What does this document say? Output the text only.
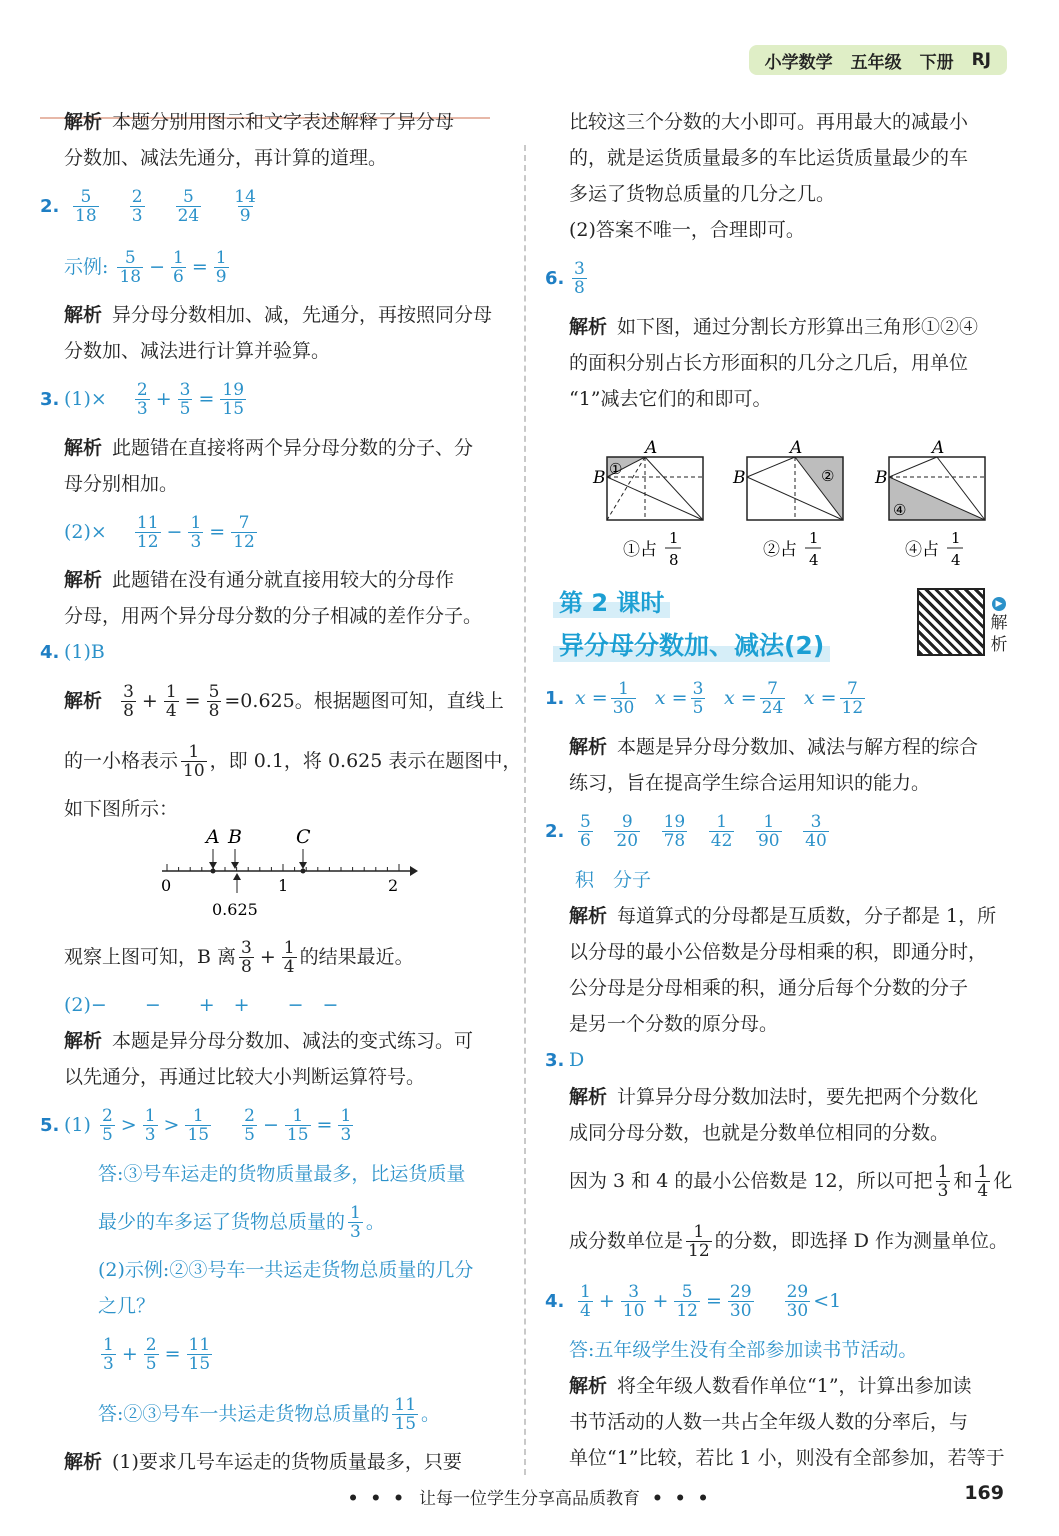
小学数学 五年级 下册 RJ
解析 本题分别用图示和文字表述解释了异分母
分数加、减法先通分，再计算的道理。
2. $\frac{5}{18}$
  $\frac{2}{3}$
  $\frac{5}{24}$
  $\frac{14}{9}$
示例: $\frac{5}{18} - \frac{1}{6} = \frac{1}{9}$
解析 异分母分数相加、减，先通分，再按照同分母
分数加、减法进行计算并验算。
3. (1)×  $\frac{2}{3} + \frac{3}{5} = \frac{19}{15}$
解析 此题错在直接将两个异分母分数的分子、分
母分别相加。
(2)×  $\frac{11}{12} - \frac{1}{3} = \frac{7}{12}$
解析 此题错在没有通分就直接用较大的分母作
分母，用两个异分母分数的分子相减的差作分子。
4. (1)B
解析 $\frac{3}{8} + \frac{1}{4} = \frac{5}{8} =0.625$。根据题图可知，直线上
的一小格表示 $\frac{1}{10}$ ，即 0.1，将 0.625 表示在题图中，
如下图所示：
A B	C
0	1	2
0.625
观察上图可知，B 离 $\frac{3}{8} + \frac{1}{4}$ 的结果最近。
(2)−　　−　　+　+　　−　−
解析 本题是异分母分数加、减法的变式练习。可
以先通分，再通过比较大小判断运算符号。
5. $(1) \frac{2}{5} > \frac{1}{3} > \frac{1}{15}$
  $\frac{2}{5} - \frac{1}{15} = \frac{1}{3}$
答:③号车运走的货物质量最多，比运货质量
最少的车多运了货物总质量的 $\frac{1}{3}$ 。
(2)示例:②③号车一共运走货物总质量的几分
之几？
$\frac{1}{3} + \frac{2}{5} = \frac{11}{15}$
答:②③号车一共运走货物总质量的 $\frac{11}{15}$ 。
解析 (1)要求几号车运走的货物质量最多，只要
比较这三个分数的大小即可。再用最大的减最小
的，就是运货质量最多的车比运货质量最少的车
多运了货物总质量的几分之几。
(2)答案不唯一，合理即可。
6. $\frac{3}{8}$
解析 如下图，通过分割长方形算出三角形①②④
的面积分别占长方形面积的几分之几后，用单位
“1”减去它们的和即可。
A
B ①
①占
1
8
A
B	②
②占
1
4
A
B
④
④占
1
4
第 2 课时
异分母分数加、减法(2)
▶
解析
1. $x = \frac{1}{30}$
  $x = \frac{3}{5}$
  $x = \frac{7}{24}$
  $x = \frac{7}{12}$
解析 本题是异分母分数加、减法与解方程的综合
练习，旨在提高学生综合运用知识的能力。
2. $\frac{5}{6}$
  $\frac{9}{20}$
  $\frac{19}{78}$
  $\frac{1}{42}$
  $\frac{1}{90}$
  $\frac{3}{40}$
积　分子
解析 每道算式的分母都是互质数，分子都是 1，所
以分母的最小公倍数是分母相乘的积，即通分时，
公分母是分母相乘的积，通分后每个分数的分子
是另一个分数的原分母。
3. D
解析 计算异分母分数加法时，要先把两个分数化
成同分母分数，也就是分数单位相同的分数。
因为 3 和 4 的最小公倍数是 12，所以可把 $\frac{1}{3}$ 和 $\frac{1}{4}$ 化
成分数单位是 $\frac{1}{12}$ 的分数，即选择 D 作为测量单位。
4. $\frac{1}{4} + \frac{3}{10} + \frac{5}{12} = \frac{29}{30}$
  $\frac{29}{30} <1$
答:五年级学生没有全部参加读书节活动。
解析 将全年级人数看作单位“1”，计算出参加读
书节活动的人数一共占全年级人数的分率后，与
单位“1”比较，若比 1 小，则没有全部参加，若等于
• • • 让每一位学生分享高品质教育 • • •	169
